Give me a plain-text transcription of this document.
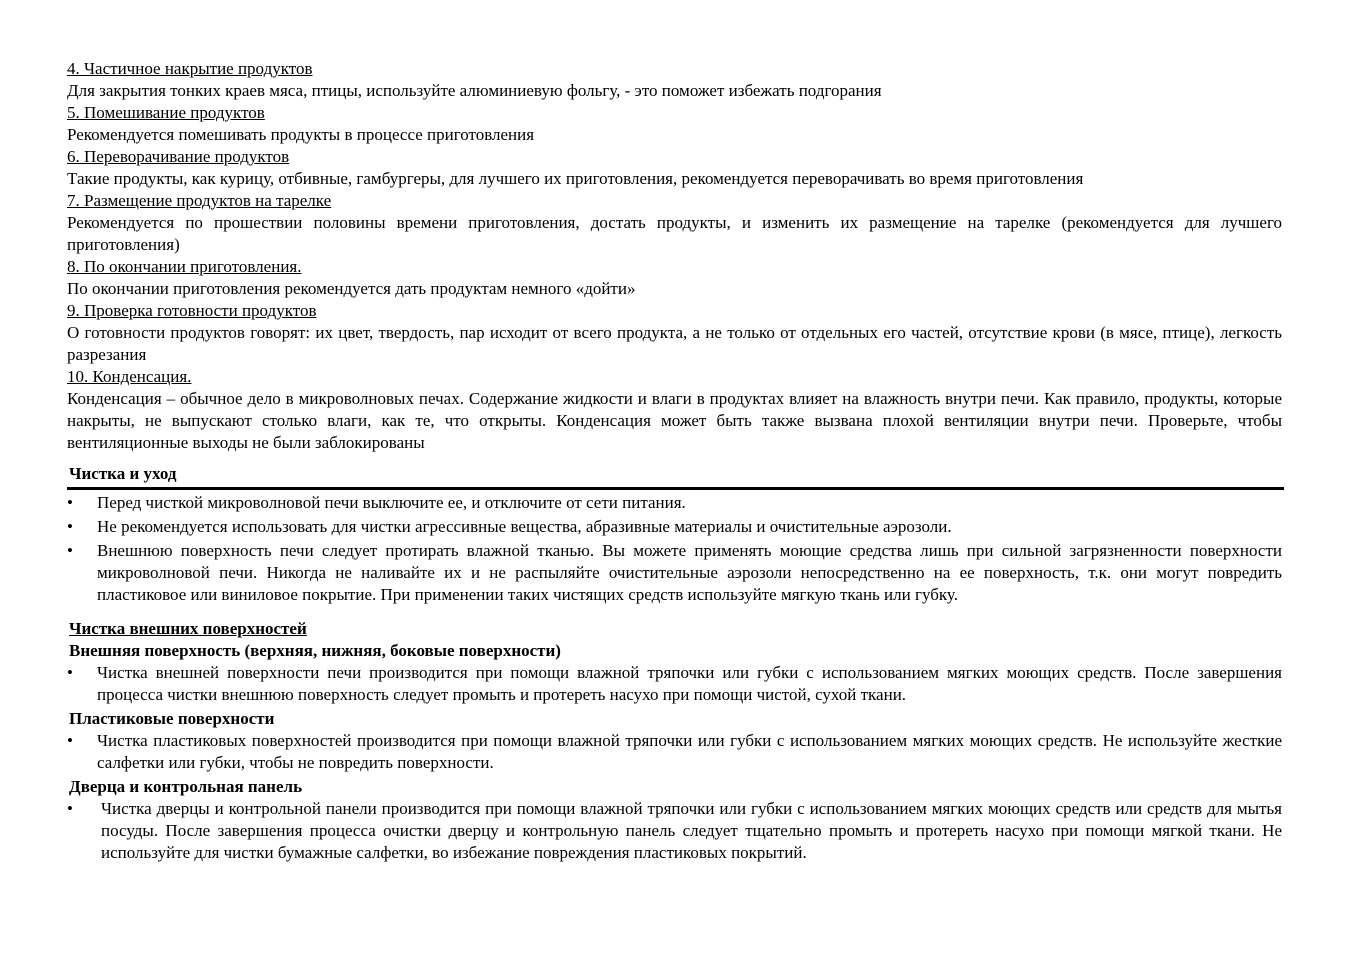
4. Частичное накрытие продуктов

Для закрытия тонких краев мяса, птицы, используйте алюминиевую фольгу, - это поможет избежать подгорания

5. Помешивание продуктов

Рекомендуется помешивать продукты в процессе приготовления

6. Переворачивание продуктов

Такие продукты, как курицу, отбивные, гамбургеры, для лучшего их приготовления, рекомендуется переворачивать во время приготовления

7. Размещение продуктов на тарелке

Рекомендуется по прошествии половины времени приготовления, достать продукты, и изменить их размещение на тарелке (рекомендуется для лучшего приготовления)

8. По окончании приготовления.

По окончании приготовления рекомендуется дать продуктам немного «дойти»

9. Проверка готовности продуктов

О готовности продуктов говорят: их цвет, твердость, пар исходит от всего продукта, а не только от отдельных его частей, отсутствие крови (в мясе, птице), легкость разрезания

10. Конденсация.

Конденсация – обычное дело в микроволновых печах. Содержание жидкости и влаги в продуктах влияет на влажность внутри печи. Как правило, продукты, которые накрыты, не выпускают столько влаги, как те, что открыты. Конденсация может быть также вызвана плохой вентиляции внутри печи. Проверьте, чтобы вентиляционные выходы не были заблокированы

Чистка и уход

• Перед чисткой микроволновой печи выключите ее, и отключите от сети питания.
• Не рекомендуется использовать для чистки агрессивные вещества, абразивные материалы и очистительные аэрозоли.
• Внешнюю поверхность печи следует протирать влажной тканью. Вы можете применять моющие средства лишь при сильной загрязненности поверхности микроволновой печи. Никогда не наливайте их и не распыляйте очистительные аэрозоли непосредственно на ее поверхность, т.к. они могут повредить пластиковое или виниловое покрытие. При применении таких чистящих средств используйте мягкую ткань или губку.

Чистка внешних поверхностей

Внешняя поверхность (верхняя, нижняя, боковые поверхности)

• Чистка внешней поверхности печи производится при помощи влажной тряпочки или губки с использованием мягких моющих средств. После завершения процесса чистки внешнюю поверхность следует промыть и протереть насухо при помощи чистой, сухой ткани.

Пластиковые поверхности

• Чистка пластиковых поверхностей производится при помощи влажной тряпочки или губки с использованием мягких моющих средств. Не используйте жесткие салфетки или губки, чтобы не повредить поверхности.

Дверца и контрольная панель

• Чистка дверцы и контрольной панели производится при помощи влажной тряпочки или губки с использованием мягких моющих средств или средств для мытья посуды. После завершения процесса очистки дверцу и контрольную панель следует тщательно промыть и протереть насухо при помощи мягкой ткани. Не используйте для чистки бумажные салфетки, во избежание повреждения пластиковых покрытий.
